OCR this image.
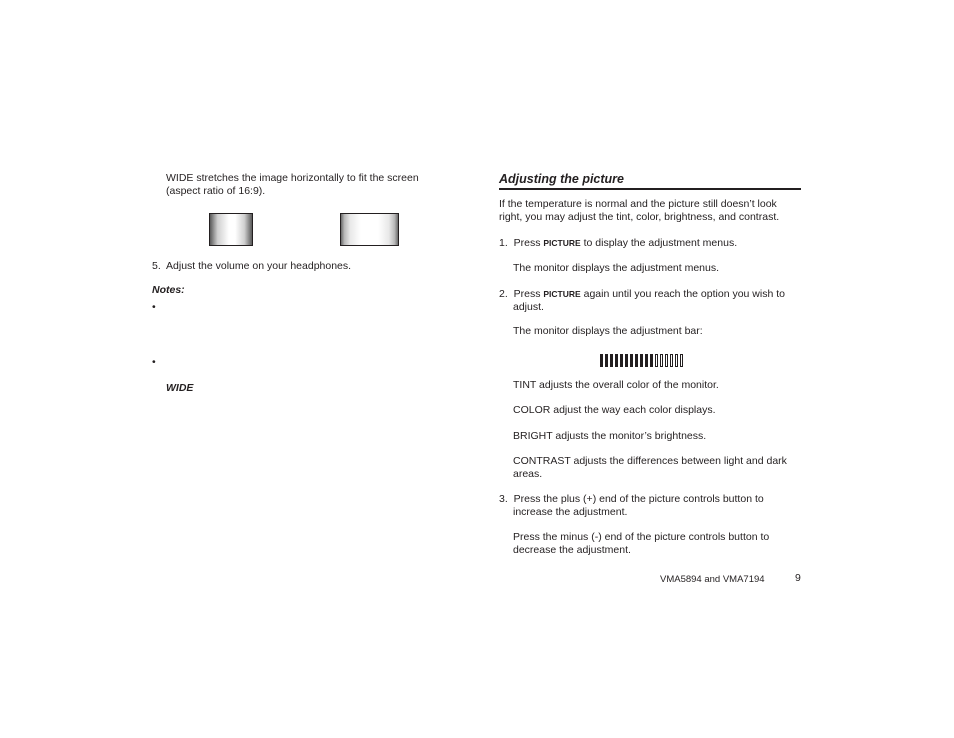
WIDE stretches the image horizontally to fit the screen
(aspect ratio of 16:9).
5.  Adjust the volume on your headphones.
Notes:
•
•
WIDE
Adjusting the picture
If the temperature is normal and the picture still doesn’t look
right, you may adjust the tint, color, brightness, and contrast.
1. Press PICTURE to display the adjustment menus.
The monitor displays the adjustment menus.
2. Press PICTURE again until you reach the option you wish to
adjust.
The monitor displays the adjustment bar:
TINT adjusts the overall color of the monitor.
COLOR adjust the way each color displays.
BRIGHT adjusts the monitor’s brightness.
CONTRAST adjusts the differences between light and dark
areas.
3. Press the plus (+) end of the picture controls button to
increase the adjustment.
Press the minus (-) end of the picture controls button to
decrease the adjustment.
VMA5894 and VMA7194	9
